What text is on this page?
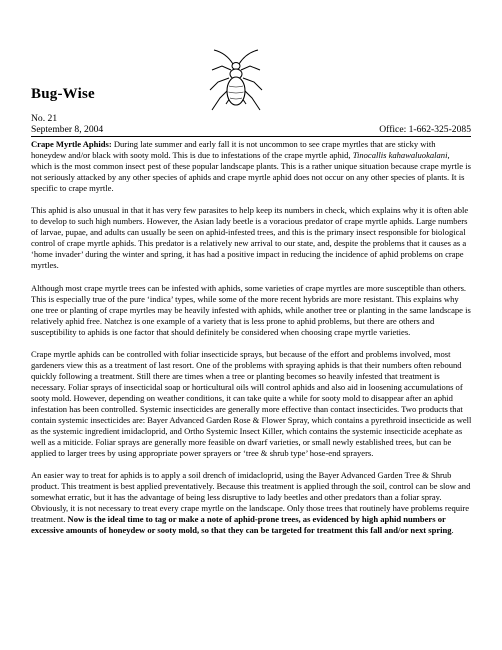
Bug-Wise
No. 21
September 8, 2004	Office: 1-662-325-2085

Crape Myrtle Aphids: During late summer and early fall it is not uncommon to see crape myrtles that are sticky with honeydew and/or black with sooty mold. This is due to infestations of the crape myrtle aphid, Tinocallis kahawaluokalani, which is the most common insect pest of these popular landscape plants. This is a rather unique situation because crape myrtle is not seriously attacked by any other species of aphids and crape myrtle aphid does not occur on any other species of plants. It is specific to crape myrtle.

This aphid is also unusual in that it has very few parasites to help keep its numbers in check, which explains why it is often able to develop to such high numbers. However, the Asian lady beetle is a voracious predator of crape myrtle aphids. Large numbers of larvae, pupae, and adults can usually be seen on aphid-infested trees, and this is the primary insect responsible for biological control of crape myrtle aphids. This predator is a relatively new arrival to our state, and, despite the problems that it causes as a ‘home invader’ during the winter and spring, it has had a positive impact in reducing the incidence of aphid problems on crape myrtles.

Although most crape myrtle trees can be infested with aphids, some varieties of crape myrtles are more susceptible than others. This is especially true of the pure ‘indica’ types, while some of the more recent hybrids are more resistant. This explains why one tree or planting of crape myrtles may be heavily infested with aphids, while another tree or planting in the same landscape is relatively aphid free. Natchez is one example of a variety that is less prone to aphid problems, but there are others and susceptibility to aphids is one factor that should definitely be considered when choosing crape myrtle varieties.

Crape myrtle aphids can be controlled with foliar insecticide sprays, but because of the effort and problems involved, most gardeners view this as a treatment of last resort. One of the problems with spraying aphids is that their numbers often rebound quickly following a treatment. Still there are times when a tree or planting becomes so heavily infested that treatment is necessary. Foliar sprays of insecticidal soap or horticultural oils will control aphids and also aid in loosening accumulations of sooty mold. However, depending on weather conditions, it can take quite a while for sooty mold to disappear after an aphid infestation has been controlled. Systemic insecticides are generally more effective than contact insecticides. Two products that contain systemic insecticides are: Bayer Advanced Garden Rose & Flower Spray, which contains a pyrethroid insecticide as well as the systemic ingredient imidacloprid, and Ortho Systemic Insect Killer, which contains the systemic insecticide acephate as well as a miticide. Foliar sprays are generally more feasible on dwarf varieties, or small newly established trees, but can be applied to larger trees by using appropriate power sprayers or ‘tree & shrub type’ hose-end sprayers.

An easier way to treat for aphids is to apply a soil drench of imidacloprid, using the Bayer Advanced Garden Tree & Shrub product. This treatment is best applied preventatively. Because this treatment is applied through the soil, control can be slow and somewhat erratic, but it has the advantage of being less disruptive to lady beetles and other predators than a foliar spray. Obviously, it is not necessary to treat every crape myrtle on the landscape. Only those trees that routinely have problems require treatment. Now is the ideal time to tag or make a note of aphid-prone trees, as evidenced by high aphid numbers or excessive amounts of honeydew or sooty mold, so that they can be targeted for treatment this fall and/or next spring.
